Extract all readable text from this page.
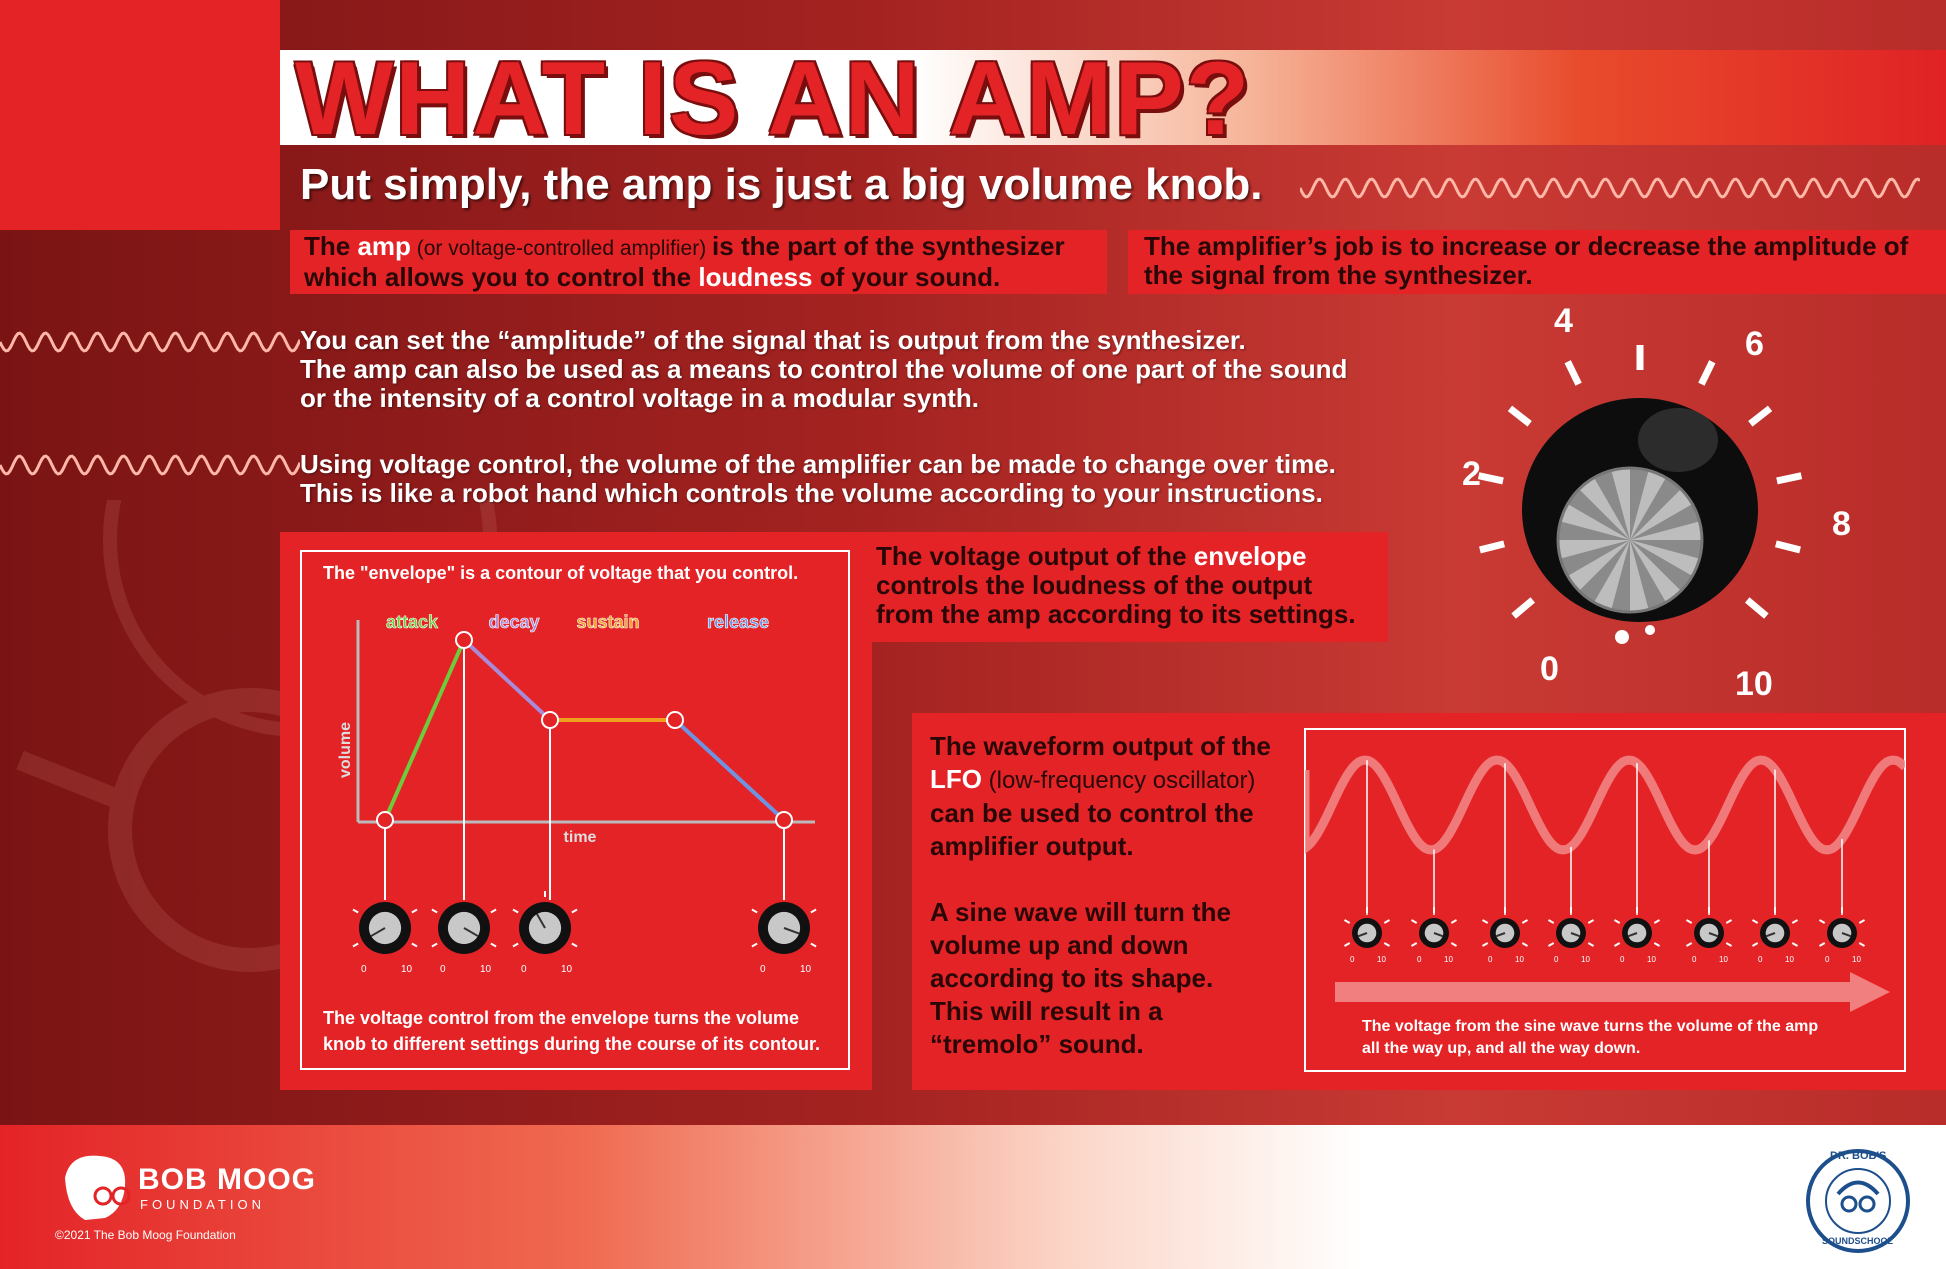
WHAT IS AN AMP?
Put simply, the amp is just a big volume knob.
The amp (or voltage-controlled amplifier) is the part of the synthesizer which allows you to control the loudness of your sound.
The amplifier’s job is to increase or decrease the amplitude of the signal from the synthesizer.
You can set the “amplitude” of the signal that is output from the synthesizer.
The amp can also be used as a means to control the volume of one part of the sound
or the intensity of a control voltage in a modular synth.
Using voltage control, the volume of the amplifier can be made to change over time.
This is like a robot hand which controls the volume according to your instructions.
0
2
4
6
8
10
The "envelope" is a contour of voltage that you control.
attack	decay sustain	release
volume
time
0	10	0	10	0	10	0	10
The voltage control from the envelope turns the volume
knob to different settings during the course of its contour.
The voltage output of the envelope controls the loudness of the output from the amp according to its settings.
The waveform output of the
LFO (low-frequency oscillator)
can be used to control the
amplifier output.
A sine wave will turn the
volume up and down
according to its shape.
This will result in a
“tremolo” sound.
0	10	0	10	0	10	0	10	0	10	0	10	0	10	0	10
The voltage from the sine wave turns the volume of the amp
all the way up, and all the way down.
BOB MOOG
FOUNDATION
©2021 The Bob Moog Foundation
DR. BOB'S
SOUNDSCHOOL
